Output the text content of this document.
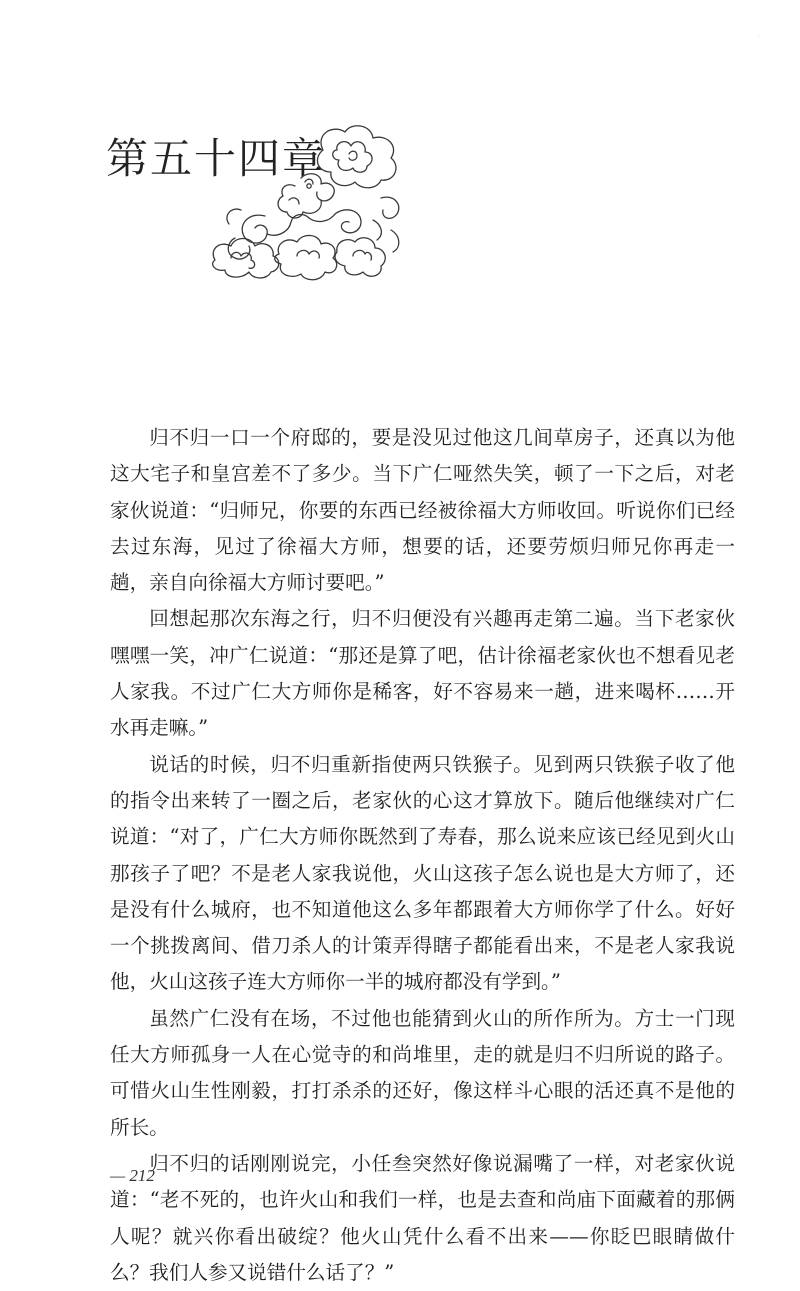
·
第五十四章

归不归一口一个府邸的，要是没见过他这几间草房子，还真以为他这大宅子和皇宫差不了多少。当下广仁哑然失笑，顿了一下之后，对老家伙说道：“归师兄，你要的东西已经被徐福大方师收回。听说你们已经去过东海，见过了徐福大方师，想要的话，还要劳烦归师兄你再走一趟，亲自向徐福大方师讨要吧。”

回想起那次东海之行，归不归便没有兴趣再走第二遍。当下老家伙嘿嘿一笑，冲广仁说道：“那还是算了吧，估计徐福老家伙也不想看见老人家我。不过广仁大方师你是稀客，好不容易来一趟，进来喝杯……开水再走嘛。”

说话的时候，归不归重新指使两只铁猴子。见到两只铁猴子收了他的指令出来转了一圈之后，老家伙的心这才算放下。随后他继续对广仁说道：“对了，广仁大方师你既然到了寿春，那么说来应该已经见到火山那孩子了吧？不是老人家我说他，火山这孩子怎么说也是大方师了，还是没有什么城府，也不知道他这么多年都跟着大方师你学了什么。好好一个挑拨离间、借刀杀人的计策弄得瞎子都能看出来，不是老人家我说他，火山这孩子连大方师你一半的城府都没有学到。”

虽然广仁没有在场，不过他也能猜到火山的所作所为。方士一门现任大方师孤身一人在心觉寺的和尚堆里，走的就是归不归所说的路子。可惜火山生性刚毅，打打杀杀的还好，像这样斗心眼的活还真不是他的所长。

归不归的话刚刚说完，小任叁突然好像说漏嘴了一样，对老家伙说道：“老不死的，也许火山和我们一样，也是去查和尚庙下面藏着的那俩人呢？就兴你看出破绽？他火山凭什么看不出来——你眨巴眼睛做什么？我们人参又说错什么话了？”

— 212
